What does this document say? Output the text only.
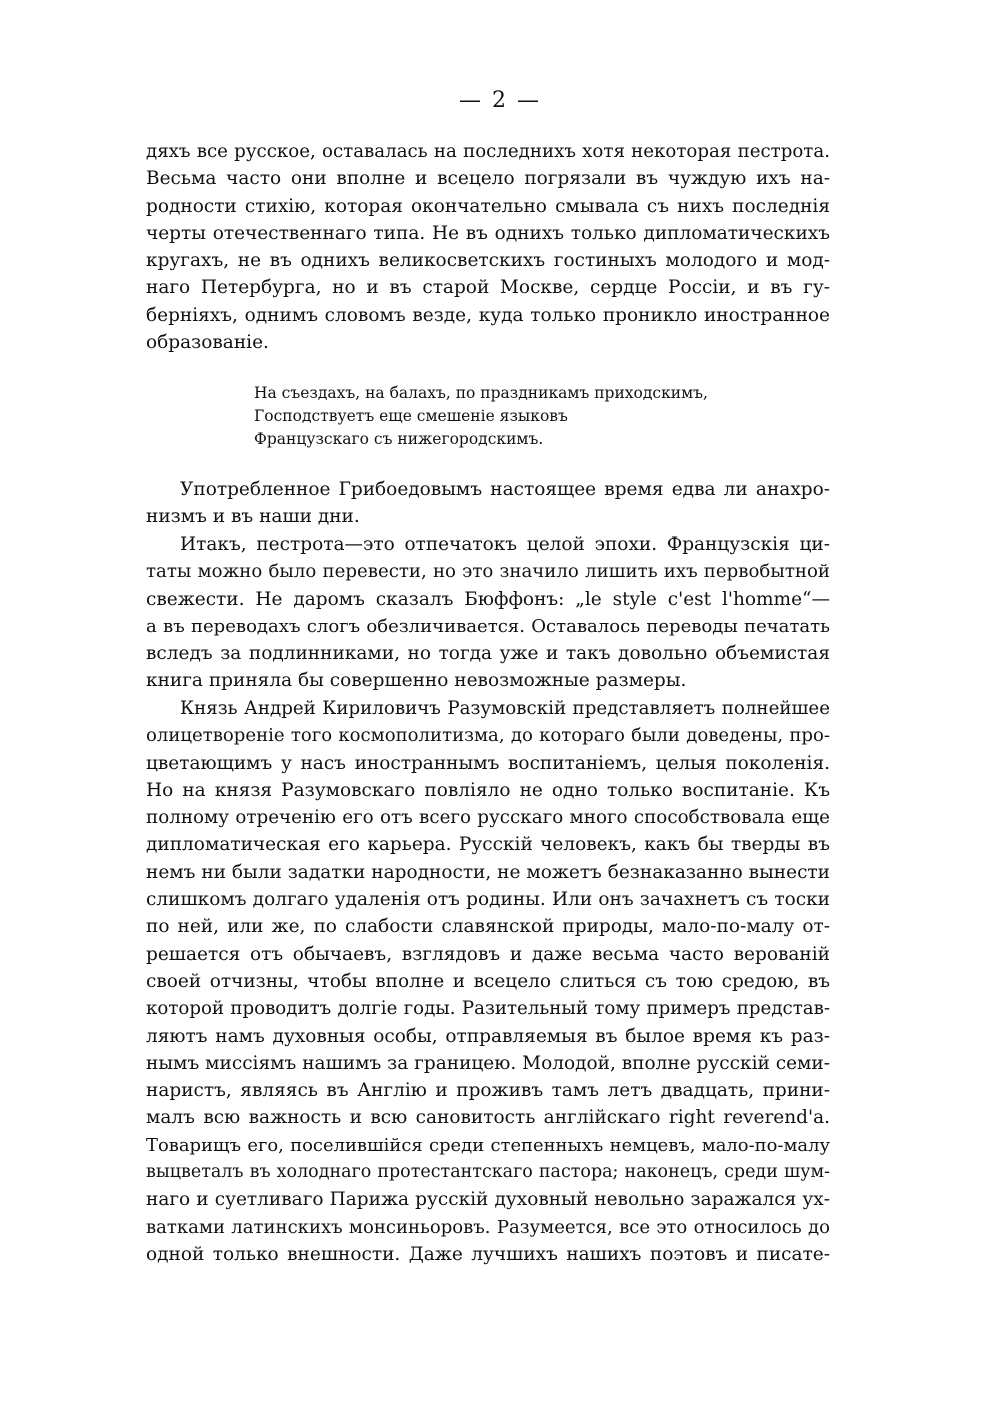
— 2 —
дяхъ все русское, оставалась на последнихъ хотя некоторая пестрота.
Весьма часто они вполне и всецело погрязали въ чуждую ихъ на-
родности стихію, которая окончательно смывала съ нихъ последнія
черты отечественнаго типа. Не въ однихъ только дипломатическихъ
кругахъ, не въ однихъ великосветскихъ гостиныхъ молодого и мод-
наго Петербурга, но и въ старой Москве, сердце Россіи, и въ гу-
берніяхъ, однимъ словомъ везде, куда только проникло иностранное
образованіе.
На съездахъ, на балахъ, по праздникамъ приходскимъ,
Господствуетъ еще смешеніе языковъ
Французскаго съ нижегородскимъ.
Употребленное Грибоедовымъ настоящее время едва ли анахро-
низмъ и въ наши дни.
Итакъ, пестрота—это отпечатокъ целой эпохи. Французскія ци-
таты можно было перевести, но это значило лишить ихъ первобытной
свежести. Не даромъ сказалъ Бюффонъ: „le style c'est l'homme“—
а въ переводахъ слогъ обезличивается. Оставалось переводы печатать
вследъ за подлинниками, но тогда уже и такъ довольно объемистая
книга приняла бы совершенно невозможные размеры.
Князь Андрей Кириловичъ Разумовскій представляетъ полнейшее
олицетвореніе того космополитизма, до котораго были доведены, про-
цветающимъ у насъ иностраннымъ воспитаніемъ, целыя поколенія.
Но на князя Разумовскаго повліяло не одно только воспитаніе. Къ
полному отреченію его отъ всего русскаго много способствовала еще
дипломатическая его карьера. Русскій человекъ, какъ бы тверды въ
немъ ни были задатки народности, не можетъ безнаказанно вынести
слишкомъ долгаго удаленія отъ родины. Или онъ зачахнетъ съ тоски
по ней, или же, по слабости славянской природы, мало-по-малу от-
решается отъ обычаевъ, взглядовъ и даже весьма часто верованій
своей отчизны, чтобы вполне и всецело слиться съ тою средою, въ
которой проводитъ долгіе годы. Разительный тому примеръ представ-
ляютъ намъ духовныя особы, отправляемыя въ былое время къ раз-
нымъ миссіямъ нашимъ за границею. Молодой, вполне русскій семи-
наристъ, являясь въ Англію и проживъ тамъ летъ двадцать, прини-
малъ всю важность и всю сановитость англійскаго right reverend'а.
Товарищъ его, поселившійся среди степенныхъ немцевъ, мало-по-малу
выцветалъ въ холоднаго протестантскаго пастора; наконецъ, среди шум-
наго и суетливаго Парижа русскій духовный невольно заражался ух-
ватками латинскихъ монсиньоровъ. Разумеется, все это относилось до
одной только внешности. Даже лучшихъ нашихъ поэтовъ и писате-
